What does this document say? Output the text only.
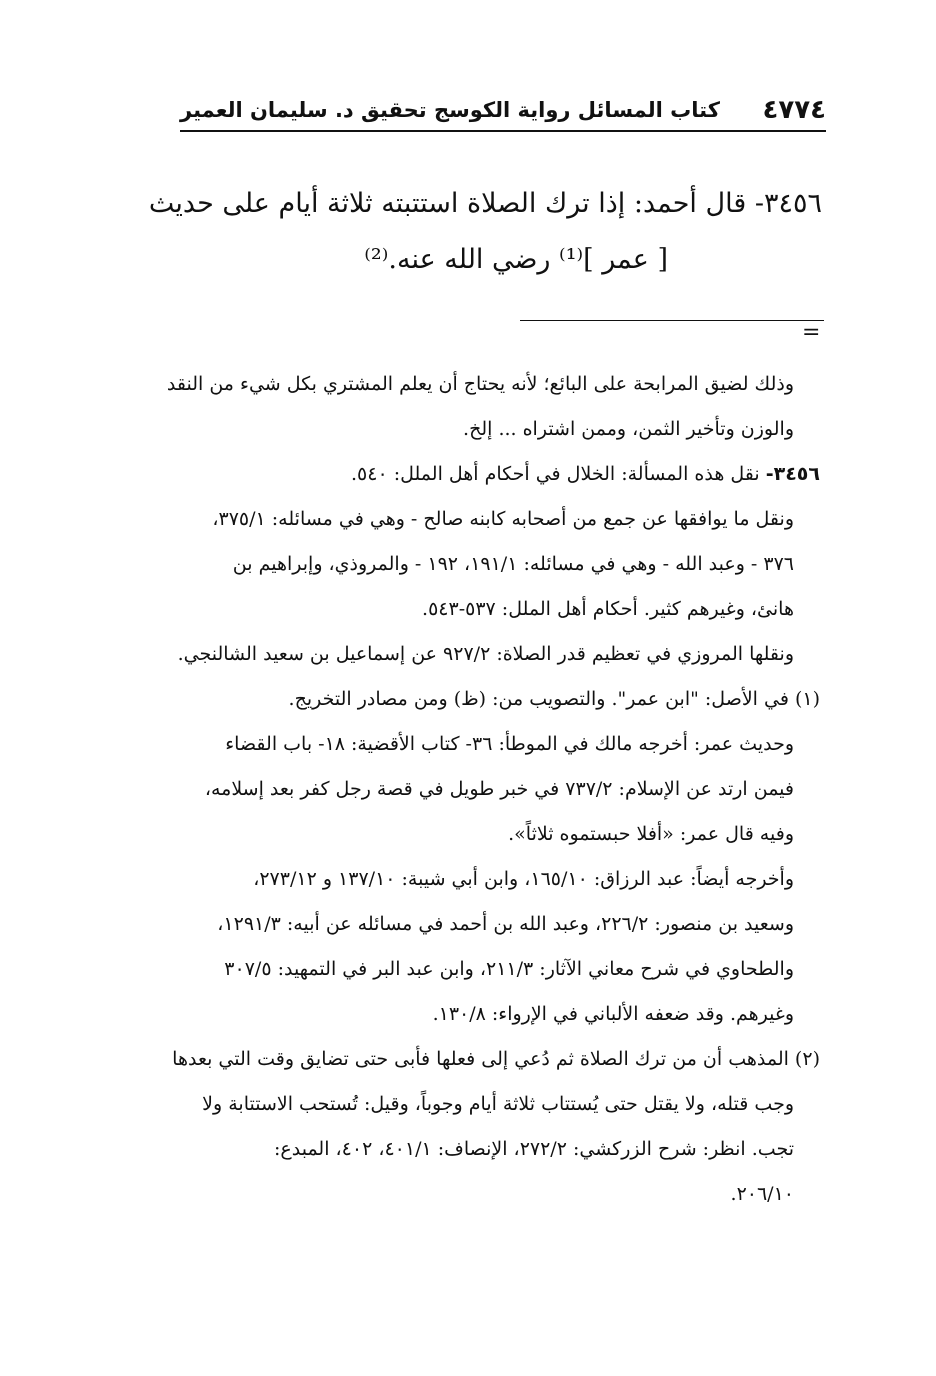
٤٧٧٤
كتاب المسائل رواية الكوسج تحقيق د. سليمان العمير

٣٤٥٦- قال أحمد: إذا ترك الصلاة استتبته ثلاثة أيام على حديث

[ عمر ]⁽¹⁾ رضي الله عنه.⁽²⁾

=

وذلك لضيق المرابحة على البائع؛ لأنه يحتاج أن يعلم المشتري بكل شيء من النقد

والوزن وتأخير الثمن، وممن اشتراه ... إلخ.

٣٤٥٦- نقل هذه المسألة: الخلال في أحكام أهل الملل: ٥٤٠.

ونقل ما يوافقها عن جمع من أصحابه كابنه صالح - وهي في مسائله: ٣٧٥/١،

٣٧٦ - وعبد الله - وهي في مسائله: ١٩١/١، ١٩٢ - والمروذي، وإبراهيم بن

هانئ، وغيرهم كثير. أحكام أهل الملل: ٥٣٧-٥٤٣.

ونقلها المروزي في تعظيم قدر الصلاة: ٩٢٧/٢ عن إسماعيل بن سعيد الشالنجي.

(١) في الأصل: "ابن عمر". والتصويب من: (ظ) ومن مصادر التخريج.

وحديث عمر: أخرجه مالك في الموطأ: ٣٦- كتاب الأقضية: ١٨- باب القضاء

فيمن ارتد عن الإسلام: ٧٣٧/٢ في خبر طويل في قصة رجل كفر بعد إسلامه،

وفيه قال عمر: «أفلا حبستموه ثلاثاً».

وأخرجه أيضاً: عبد الرزاق: ١٦٥/١٠، وابن أبي شيبة: ١٣٧/١٠ و ٢٧٣/١٢،

وسعيد بن منصور: ٢٢٦/٢، وعبد الله بن أحمد في مسائله عن أبيه: ١٢٩١/٣،

والطحاوي في شرح معاني الآثار: ٢١١/٣، وابن عبد البر في التمهيد: ٣٠٧/٥

وغيرهم. وقد ضعفه الألباني في الإرواء: ١٣٠/٨.

(٢) المذهب أن من ترك الصلاة ثم دُعي إلى فعلها فأبى حتى تضايق وقت التي بعدها

وجب قتله، ولا يقتل حتى يُستتاب ثلاثة أيام وجوباً، وقيل: تُستحب الاستتابة ولا

تجب. انظر: شرح الزركشي: ٢٧٢/٢، الإنصاف: ٤٠١/١، ٤٠٢، المبدع:

٢٠٦/١٠.
